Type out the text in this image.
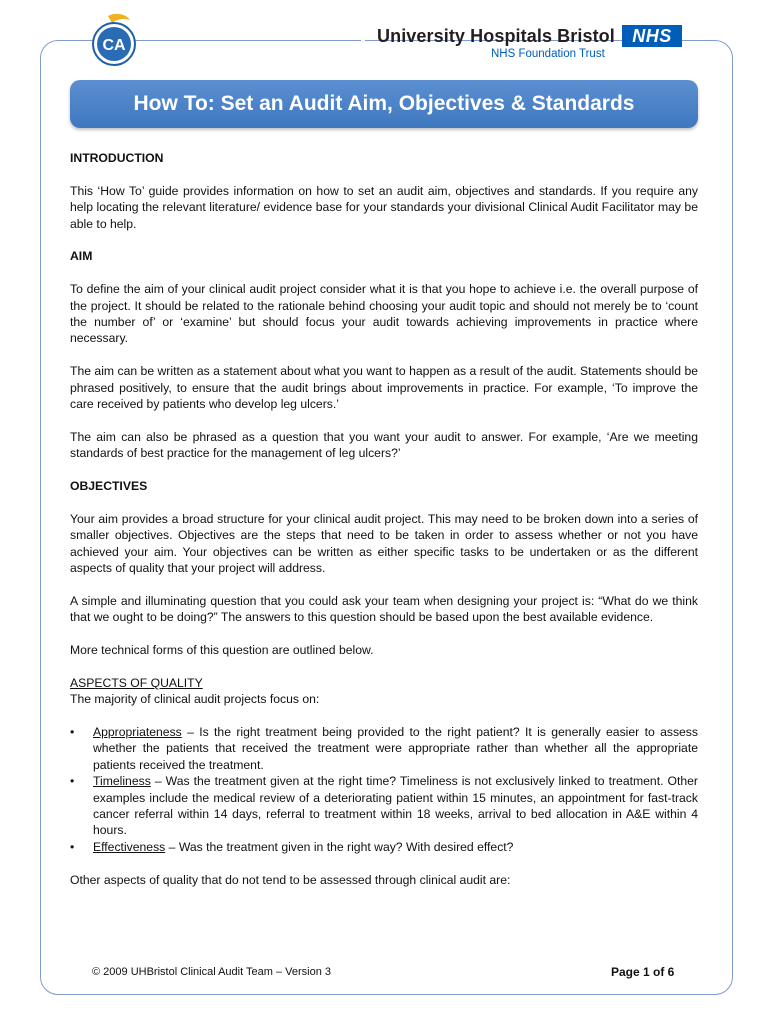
CA	University Hospitals Bristol
NHS Foundation Trust
NHS
How To: Set an Audit Aim, Objectives & Standards

INTRODUCTION

This ‘How To’ guide provides information on how to set an audit aim, objectives and standards. If you require any help locating the relevant literature/ evidence base for your standards your divisional Clinical Audit Facilitator may be able to help.

AIM

To define the aim of your clinical audit project consider what it is that you hope to achieve i.e. the overall purpose of the project. It should be related to the rationale behind choosing your audit topic and should not merely be to ‘count the number of’ or ‘examine’ but should focus your audit towards achieving improvements in practice where necessary.

The aim can be written as a statement about what you want to happen as a result of the audit. Statements should be phrased positively, to ensure that the audit brings about improvements in practice. For example, ‘To improve the care received by patients who develop leg ulcers.’

The aim can also be phrased as a question that you want your audit to answer. For example, ‘Are we meeting standards of best practice for the management of leg ulcers?’

OBJECTIVES

Your aim provides a broad structure for your clinical audit project. This may need to be broken down into a series of smaller objectives. Objectives are the steps that need to be taken in order to assess whether or not you have achieved your aim. Your objectives can be written as either specific tasks to be undertaken or as the different aspects of quality that your project will address.

A simple and illuminating question that you could ask your team when designing your project is: “What do we think that we ought to be doing?” The answers to this question should be based upon the best available evidence.

More technical forms of this question are outlined below.

ASPECTS OF QUALITY

The majority of clinical audit projects focus on:

• Appropriateness – Is the right treatment being provided to the right patient? It is generally easier to assess whether the patients that received the treatment were appropriate rather than whether all the appropriate patients received the treatment.
• Timeliness – Was the treatment given at the right time? Timeliness is not exclusively linked to treatment. Other examples include the medical review of a deteriorating patient within 15 minutes, an appointment for fast-track cancer referral within 14 days, referral to treatment within 18 weeks, arrival to bed allocation in A&E within 4 hours.
• Effectiveness – Was the treatment given in the right way? With desired effect?

Other aspects of quality that do not tend to be assessed through clinical audit are:

© 2009 UHBristol Clinical Audit Team – Version 3	Page 1 of 6
